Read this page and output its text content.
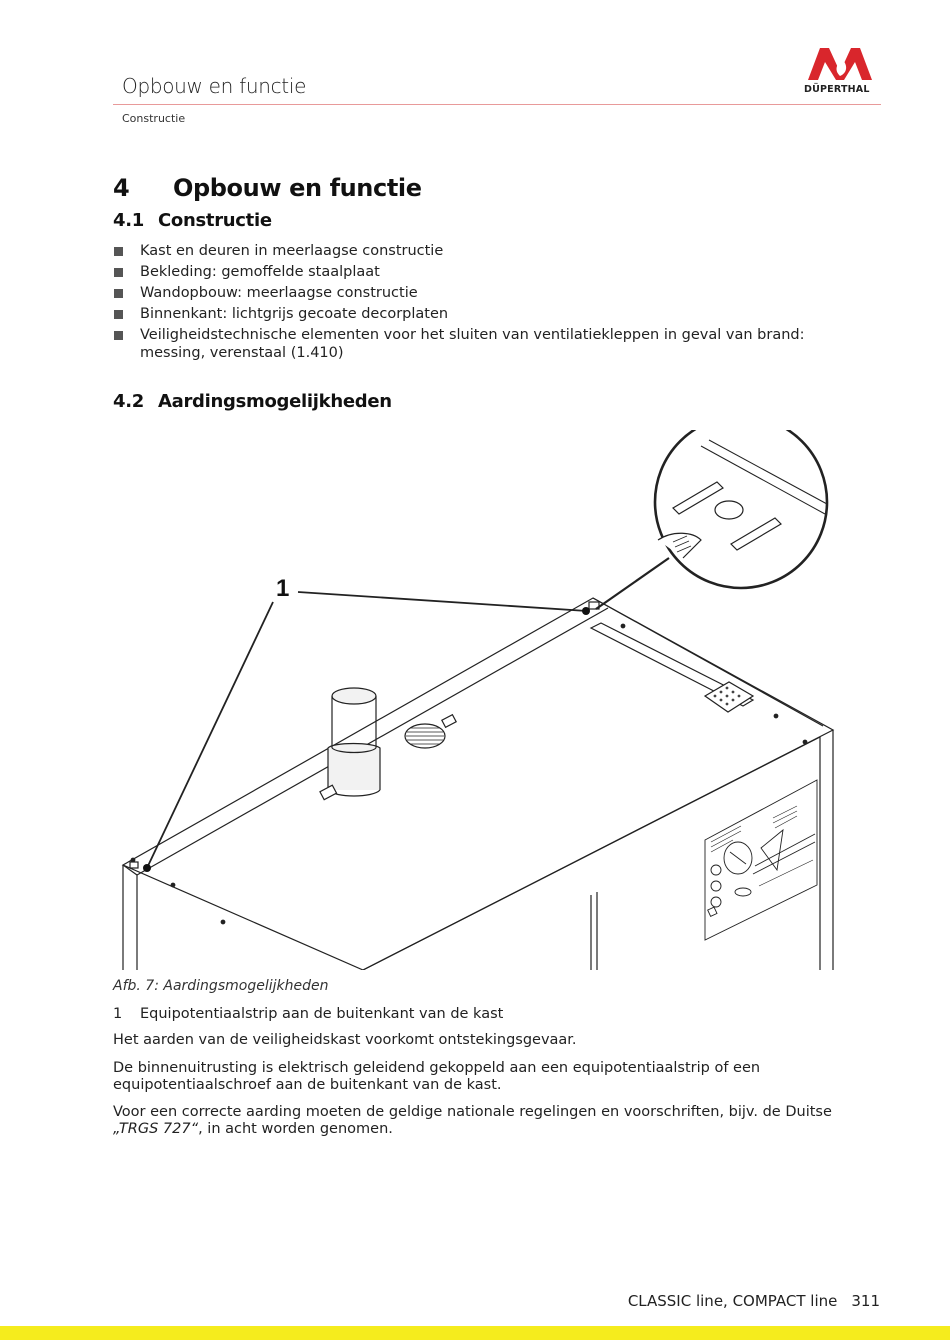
Opbouw en functie
Constructie
DÜPERTHAL
4 Opbouw en functie
4.1 Constructie
Kast en deuren in meerlaagse constructie
Bekleding: gemoffelde staalplaat
Wandopbouw: meerlaagse constructie
Binnenkant: lichtgrijs gecoate decorplaten
Veiligheidstechnische elementen voor het sluiten van ventilatiekleppen in geval van brand: messing, verenstaal (1.410)
4.2 Aardingsmogelijkheden
1
Afb. 7: Aardingsmogelijkheden
1 Equipotentiaalstrip aan de buitenkant van de kast

Het aarden van de veiligheidskast voorkomt ontstekingsgevaar.

De binnenuitrusting is elektrisch geleidend gekoppeld aan een equipotentiaalstrip of een equipotentiaalschroef aan de buitenkant van de kast.

Voor een correcte aarding moeten de geldige nationale regelingen en voorschriften, bijv. de Duitse „TRGS 727“, in acht worden genomen.

CLASSIC line, COMPACT line 311
